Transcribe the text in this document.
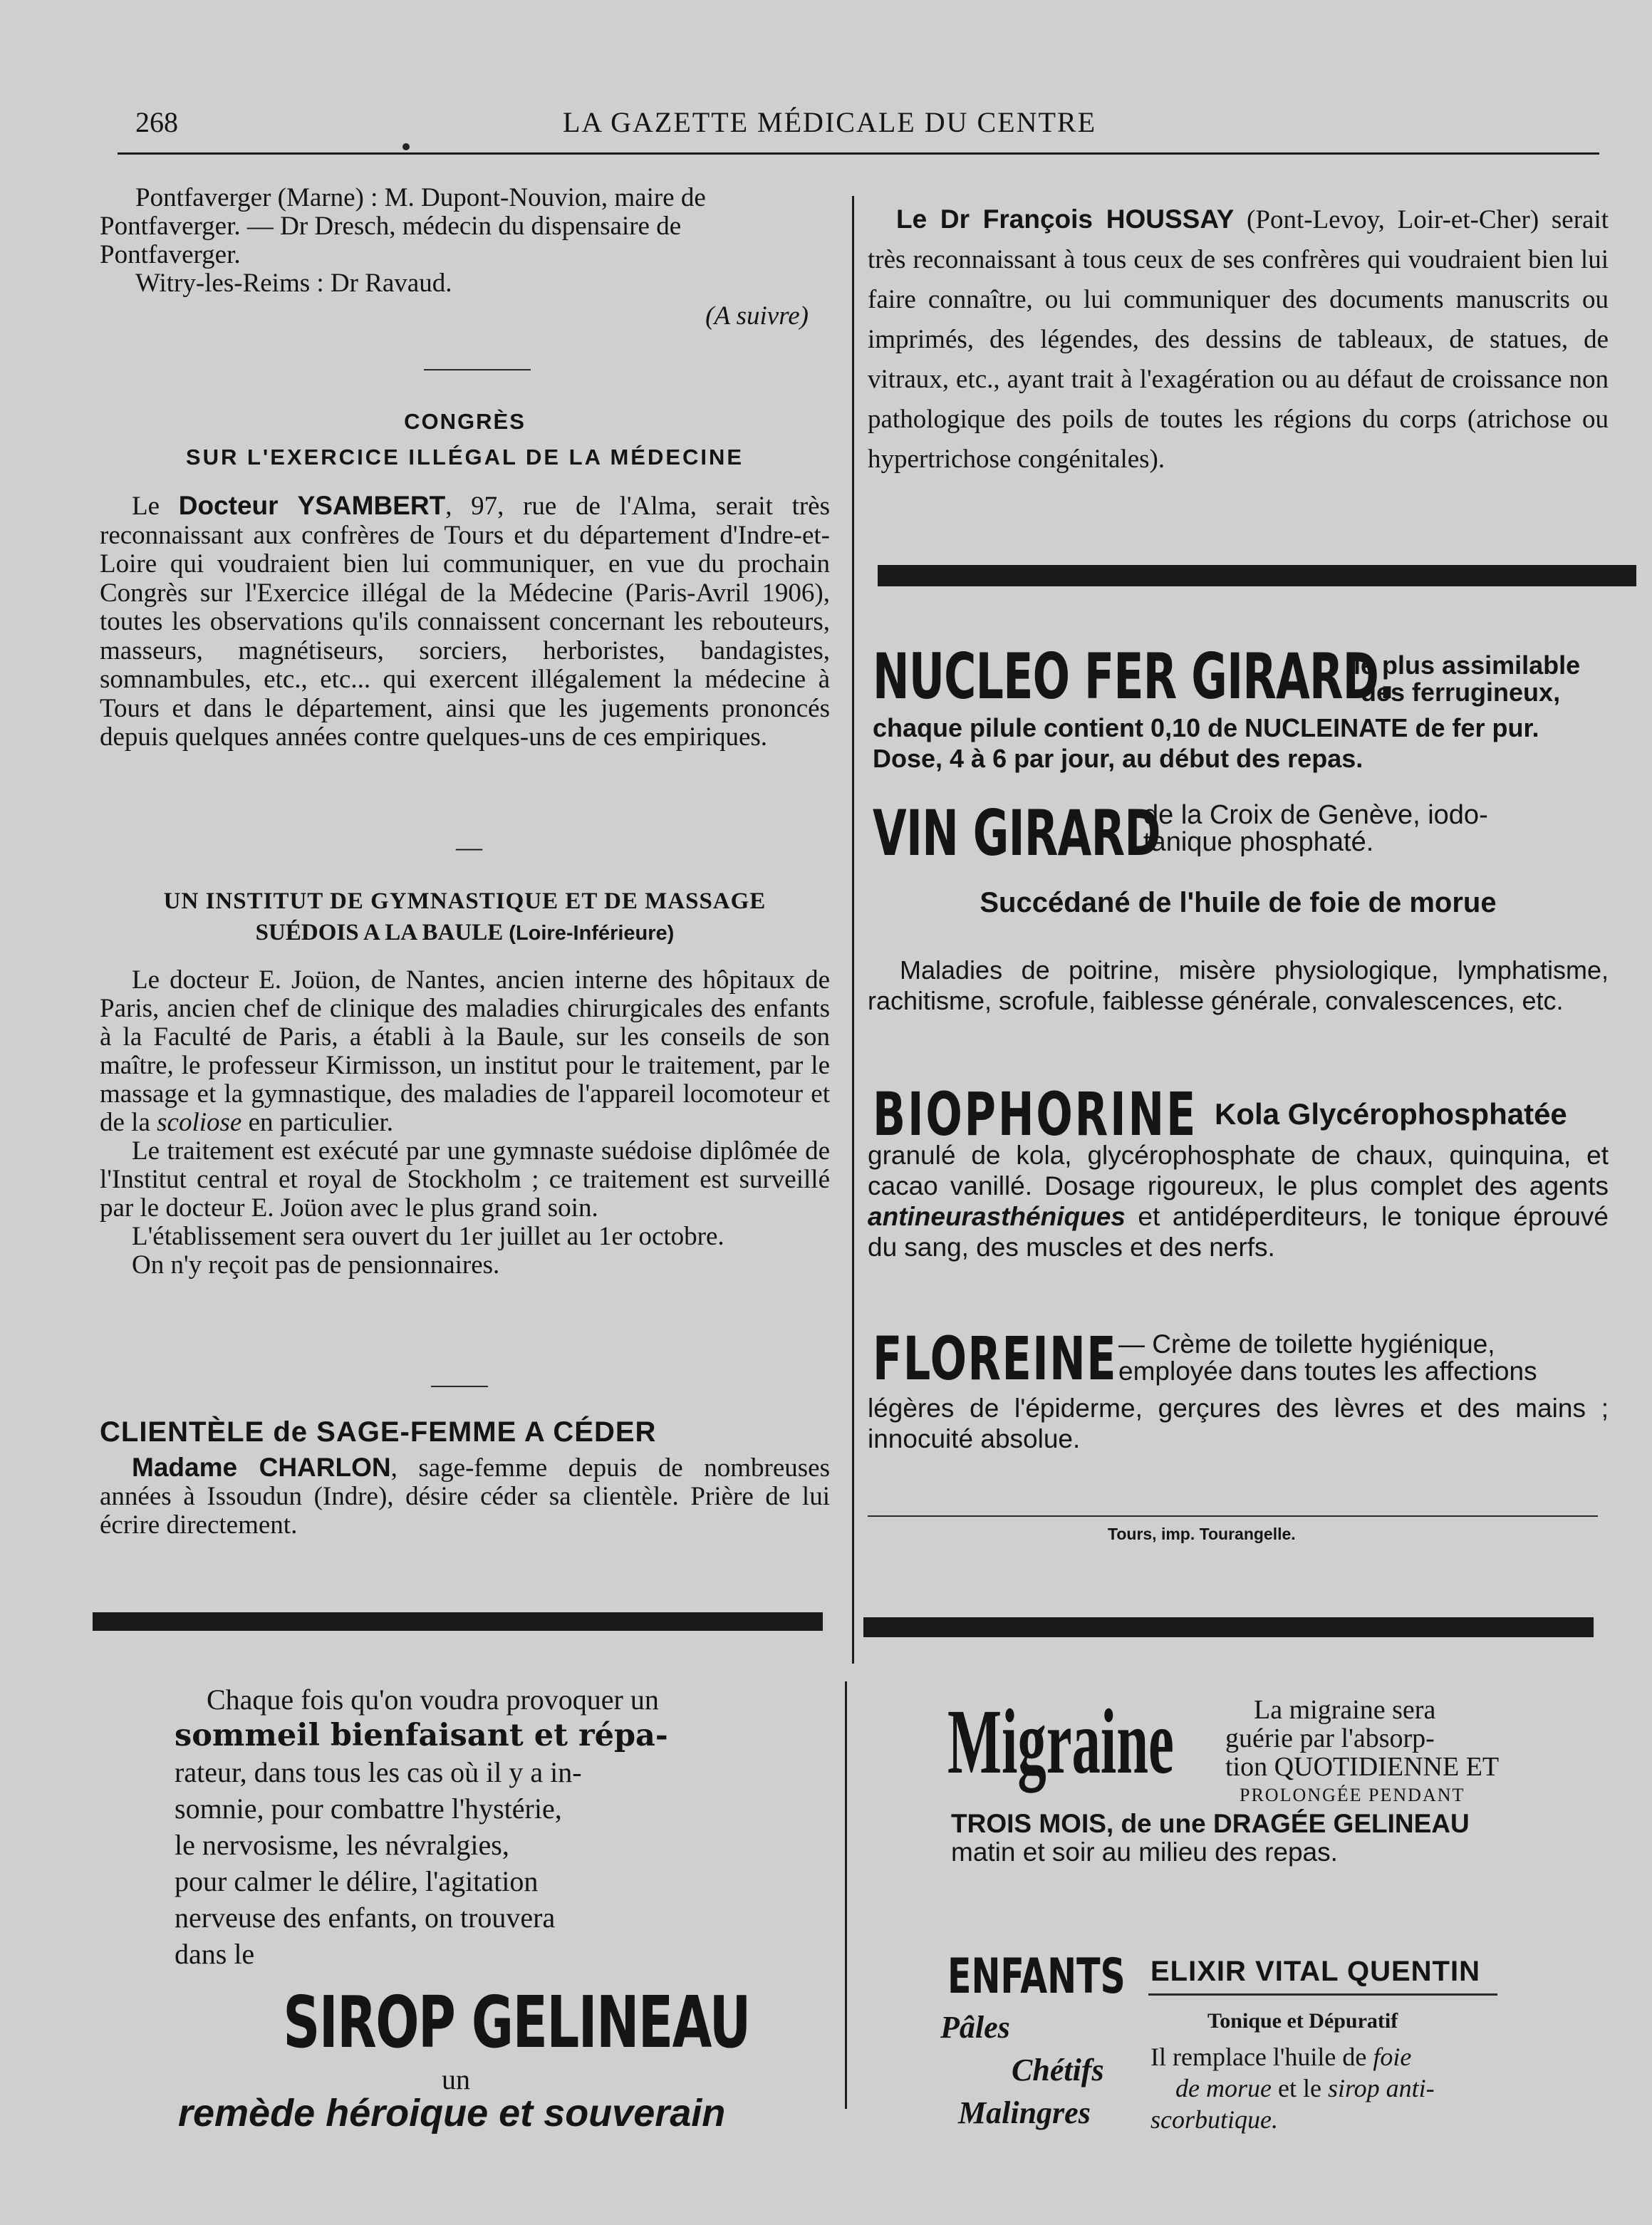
268	LA GAZETTE MÉDICALE DU CENTRE

Pontfaverger (Marne) : M. Dupont-Nouvion, maire de

Pontfaverger. — Dr Dresch, médecin du dispensaire de

Pontfaverger.

Witry-les-Reims : Dr Ravaud.

(A suivre)

CONGRÈS

SUR L'EXERCICE ILLÉGAL DE LA MÉDECINE

Le Docteur YSAMBERT, 97, rue de l'Alma, serait très reconnaissant aux confrères de Tours et du département d'Indre-et-Loire qui voudraient bien lui communiquer, en vue du prochain Congrès sur l'Exercice illégal de la Médecine (Paris-Avril 1906), toutes les observations qu'ils connaissent concernant les rebouteurs, masseurs, magnétiseurs, sorciers, herboristes, bandagistes, somnambules, etc., etc... qui exercent illégalement la médecine à Tours et dans le département, ainsi que les jugements prononcés depuis quelques années contre quelques-uns de ces empiriques.

—

UN INSTITUT DE GYMNASTIQUE ET DE MASSAGE

SUÉDOIS A LA BAULE (Loire-Inférieure)

Le docteur E. Joüon, de Nantes, ancien interne des hôpitaux de Paris, ancien chef de clinique des maladies chirurgicales des enfants à la Faculté de Paris, a établi à la Baule, sur les conseils de son maître, le professeur Kirmisson, un institut pour le traitement, par le massage et la gymnastique, des maladies de l'appareil locomoteur et de la scoliose en particulier.

Le traitement est exécuté par une gymnaste suédoise diplômée de l'Institut central et royal de Stockholm ; ce traitement est surveillé par le docteur E. Joüon avec le plus grand soin.

L'établissement sera ouvert du 1er juillet au 1er octobre.

On n'y reçoit pas de pensionnaires.

CLIENTÈLE de SAGE-FEMME A CÉDER

Madame CHARLON, sage-femme depuis de nombreuses années à Issoudun (Indre), désire céder sa clientèle. Prière de lui écrire directement.

Chaque fois qu'on voudra provoquer un

sommeil bienfaisant et répa-

rateur, dans tous les cas où il y a in-

somnie, pour combattre l'hystérie,

le nervosisme, les névralgies,

pour calmer le délire, l'agitation

nerveuse des enfants, on trouvera

dans le

SIROP GELINEAU
un
remède héroique et souverain

Le Dr François HOUSSAY (Pont-Levoy, Loir-et-Cher) serait très reconnaissant à tous ceux de ses confrères qui voudraient bien lui faire connaître, ou lui communiquer des documents manuscrits ou imprimés, des légendes, des dessins de tableaux, de statues, de vitraux, etc., ayant trait à l'exagération ou au défaut de croissance non pathologique des poils de toutes les régions du corps (atrichose ou hypertrichose congénitales).

NUCLEO FER GIRARD.
le plus assimilable
des ferrugineux,
chaque pilule contient 0,10 de NUCLEINATE de fer pur.
Dose, 4 à 6 par jour, au début des repas.
VIN GIRARD
de la Croix de Genève, iodo-
tanique phosphaté.
Succédané de l'huile de foie de morue

Maladies de poitrine, misère physiologique, lymphatisme, rachitisme, scrofule, faiblesse générale, convalescences, etc.

BIOPHORINE Kola Glycérophosphatée

granulé de kola, glycérophosphate de chaux, quinquina, et cacao vanillé. Dosage rigoureux, le plus complet des agents antineurasthéniques et antidéperditeurs, le tonique éprouvé du sang, des muscles et des nerfs.

FLOREINE — Crème de toilette hygiénique,
employée dans toutes les affections

légères de l'épiderme, gerçures des lèvres et des mains ; innocuité absolue.

Tours, imp. Tourangelle.
Migraine	La migraine sera
guérie par l'absorp-
tion QUOTIDIENNE ET
PROLONGÉE PENDANT
TROIS MOIS, de une DRAGÉE GELINEAU
matin et soir au milieu des repas.
ENFANTS ELIXIR VITAL QUENTIN
Pâles
Chétifs
Malingres
Tonique et Dépuratif
Il remplace l'huile de foie
de morue et le sirop anti-
scorbutique.
